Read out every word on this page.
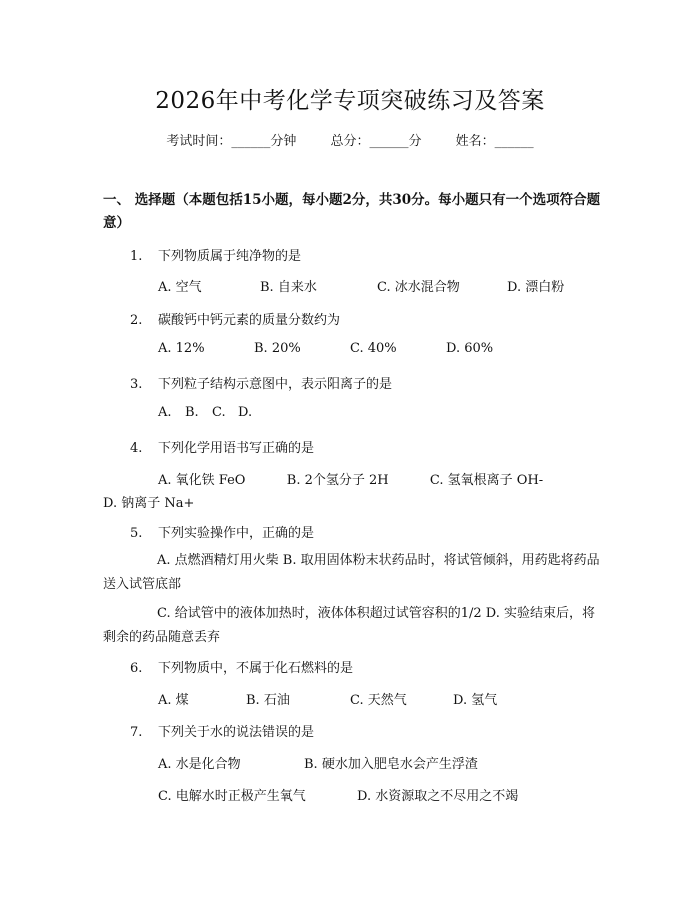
2026年中考化学专项突破练习及答案
考试时间：______分钟	总分：______分	姓名：______
一、 选择题（本题包括15小题，每小题2分，共30分。每小题只有一个选项符合题意）
1. 下列物质属于纯净物的是
A. 空气	B. 自来水	C. 冰水混合物	D. 漂白粉
2. 碳酸钙中钙元素的质量分数约为
A. 12%	B. 20%	C. 40%	D. 60%
3. 下列粒子结构示意图中，表示阳离子的是
A. B. C. D.
4. 下列化学用语书写正确的是
A. 氧化铁 FeO          B. 2个氢分子 2H          C. 氢氧根离子 OH-
D. 钠离子 Na+
5. 下列实验操作中，正确的是
A. 点燃酒精灯用火柴 B. 取用固体粉末状药品时，将试管倾斜，用药匙将药品送入试管底部
C. 给试管中的液体加热时，液体体积超过试管容积的1/2 D. 实验结束后，将剩余的药品随意丢弃
6. 下列物质中，不属于化石燃料的是
A. 煤	B. 石油	C. 天然气	D. 氢气
7. 下列关于水的说法错误的是
A. 水是化合物	B. 硬水加入肥皂水会产生浮渣
C. 电解水时正极产生氧气	D. 水资源取之不尽用之不竭
